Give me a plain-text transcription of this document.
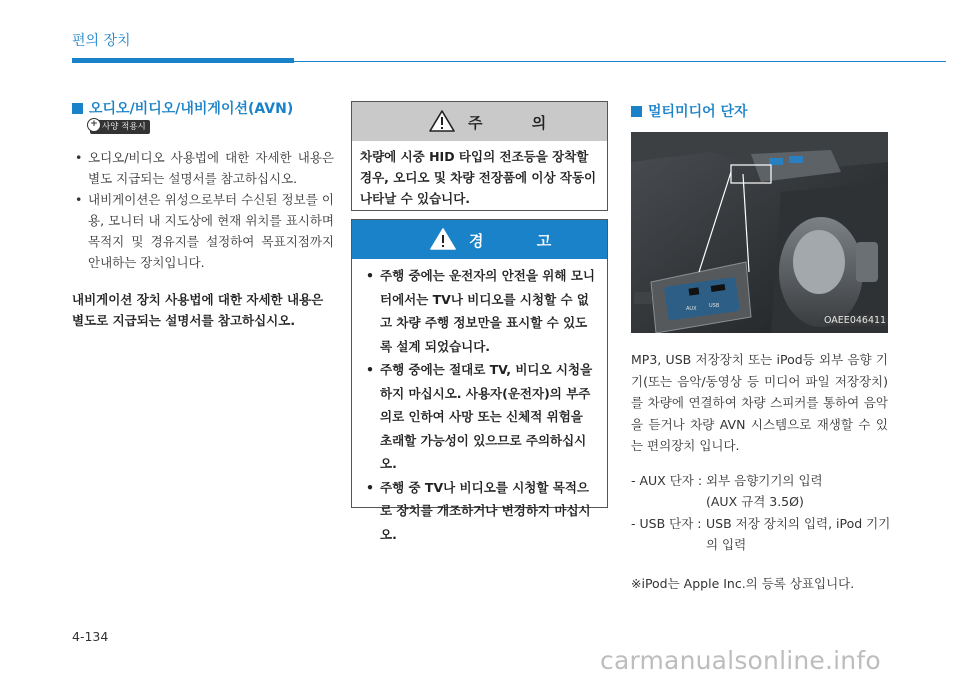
편의 장치
오디오/비디오/내비게이션(AVN)
+ 사양 적용시
• 오디오/비디오 사용법에 대한 자세한 내용은 별도 지급되는 설명서를 참고하십시오.
• 내비게이션은 위성으로부터 수신된 정보를 이용, 모니터 내 지도상에 현재 위치를 표시하며 목적지 및 경유지를 설정하여 목표지점까지 안내하는 장치입니다.
내비게이션 장치 사용법에 대한 자세한 내용은 별도로 지급되는 설명서를 참고하십시오.
주 의
차량에 시중 HID 타입의 전조등을 장착할 경우, 오디오 및 차량 전장품에 이상 작동이 나타날 수 있습니다.
경 고
• 주행 중에는 운전자의 안전을 위해 모니터에서는 TV나 비디오를 시청할 수 없고 차량 주행 정보만을 표시할 수 있도록 설계 되었습니다.
• 주행 중에는 절대로 TV, 비디오 시청을 하지 마십시오. 사용자(운전자)의 부주의로 인하여 사망 또는 신체적 위험을 초래할 가능성이 있으므로 주의하십시오.
• 주행 중 TV나 비디오를 시청할 목적으로 장치를 개조하거나 변경하지 마십시오.
멀티미디어 단자
AUX USB
OAEE046411
MP3, USB 저장장치 또는 iPod등 외부 음향 기기(또는 음악/동영상 등 미디어 파일 저장장치)를 차량에 연결하여 차량 스피커를 통하여 음악을 듣거나 차량 AVN 시스템으로 재생할 수 있는 편의장치 입니다.
- AUX 단자 : 외부 음향기기의 입력
(AUX 규격 3.5Ø)
- USB 단자 : USB 저장 장치의 입력, iPod 기기
의 입력
※iPod는 Apple Inc.의 등록 상표입니다.
4-134
carmanualsonline.info
